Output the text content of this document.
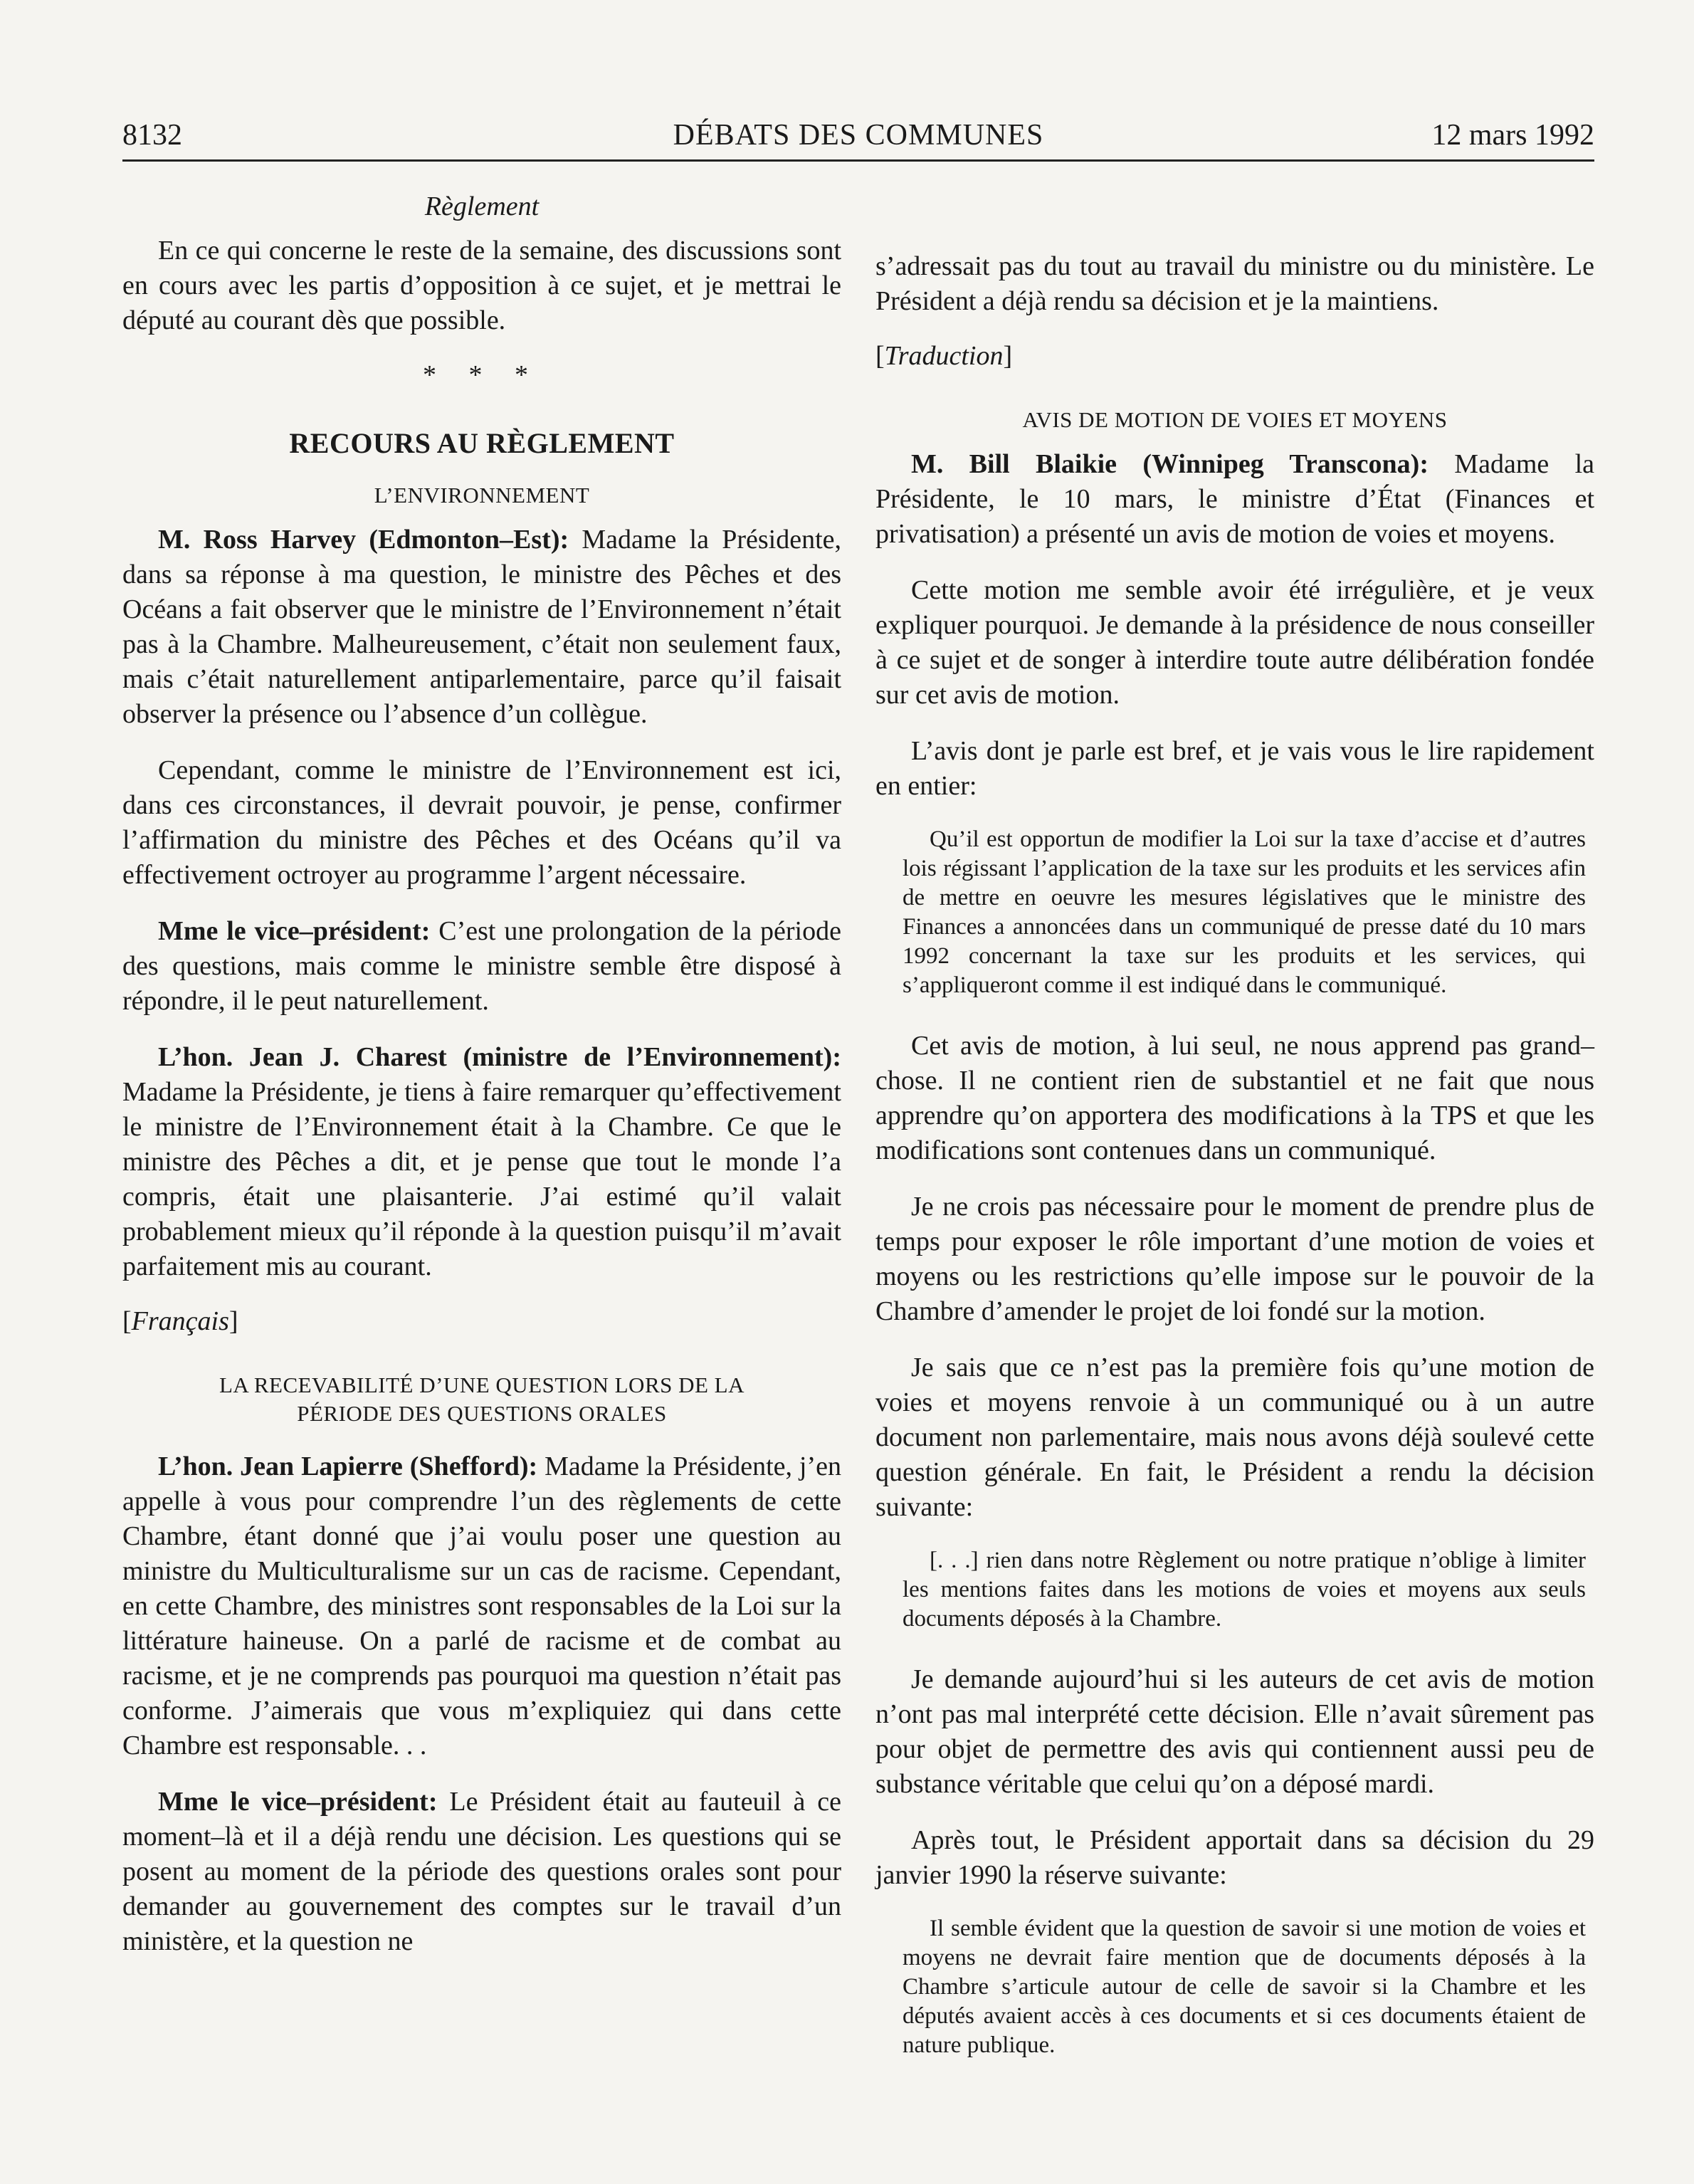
8132	DÉBATS DES COMMUNES	12 mars 1992
Règlement

En ce qui concerne le reste de la semaine, des discussions sont en cours avec les partis d’opposition à ce sujet, et je mettrai le député au courant dès que possible.

* * *
RECOURS AU RÈGLEMENT
L’ENVIRONNEMENT

M. Ross Harvey (Edmonton–Est): Madame la Présidente, dans sa réponse à ma question, le ministre des Pêches et des Océans a fait observer que le ministre de l’Environnement n’était pas à la Chambre. Malheureusement, c’était non seulement faux, mais c’était naturellement antiparlementaire, parce qu’il faisait observer la présence ou l’absence d’un collègue.

Cependant, comme le ministre de l’Environnement est ici, dans ces circonstances, il devrait pouvoir, je pense, confirmer l’affirmation du ministre des Pêches et des Océans qu’il va effectivement octroyer au programme l’argent nécessaire.

Mme le vice–président: C’est une prolongation de la période des questions, mais comme le ministre semble être disposé à répondre, il le peut naturellement.

L’hon. Jean J. Charest (ministre de l’Environnement): Madame la Présidente, je tiens à faire remarquer qu’effectivement le ministre de l’Environnement était à la Chambre. Ce que le ministre des Pêches a dit, et je pense que tout le monde l’a compris, était une plaisanterie. J’ai estimé qu’il valait probablement mieux qu’il réponde à la question puisqu’il m’avait parfaitement mis au courant.

[Français]
LA RECEVABILITÉ D’UNE QUESTION LORS DE LA
PÉRIODE DES QUESTIONS ORALES

L’hon. Jean Lapierre (Shefford): Madame la Présidente, j’en appelle à vous pour comprendre l’un des règlements de cette Chambre, étant donné que j’ai voulu poser une question au ministre du Multiculturalisme sur un cas de racisme. Cependant, en cette Chambre, des ministres sont responsables de la Loi sur la littérature haineuse. On a parlé de racisme et de combat au racisme, et je ne comprends pas pourquoi ma question n’était pas conforme. J’aimerais que vous m’expliquiez qui dans cette Chambre est responsable. . .

Mme le vice–président: Le Président était au fauteuil à ce moment–là et il a déjà rendu une décision. Les questions qui se posent au moment de la période des questions orales sont pour demander au gouvernement des comptes sur le travail d’un ministère, et la question ne

s’adressait pas du tout au travail du ministre ou du ministère. Le Président a déjà rendu sa décision et je la maintiens.

[Traduction]
AVIS DE MOTION DE VOIES ET MOYENS

M. Bill Blaikie (Winnipeg Transcona): Madame la Présidente, le 10 mars, le ministre d’État (Finances et privatisation) a présenté un avis de motion de voies et moyens.

Cette motion me semble avoir été irrégulière, et je veux expliquer pourquoi. Je demande à la présidence de nous conseiller à ce sujet et de songer à interdire toute autre délibération fondée sur cet avis de motion.

L’avis dont je parle est bref, et je vais vous le lire rapidement en entier:

Qu’il est opportun de modifier la Loi sur la taxe d’accise et d’autres lois régissant l’application de la taxe sur les produits et les services afin de mettre en oeuvre les mesures législatives que le ministre des Finances a annoncées dans un communiqué de presse daté du 10 mars 1992 concernant la taxe sur les produits et les services, qui s’appliqueront comme il est indiqué dans le communiqué.

Cet avis de motion, à lui seul, ne nous apprend pas grand–chose. Il ne contient rien de substantiel et ne fait que nous apprendre qu’on apportera des modifications à la TPS et que les modifications sont contenues dans un communiqué.

Je ne crois pas nécessaire pour le moment de prendre plus de temps pour exposer le rôle important d’une motion de voies et moyens ou les restrictions qu’elle impose sur le pouvoir de la Chambre d’amender le projet de loi fondé sur la motion.

Je sais que ce n’est pas la première fois qu’une motion de voies et moyens renvoie à un communiqué ou à un autre document non parlementaire, mais nous avons déjà soulevé cette question générale. En fait, le Président a rendu la décision suivante:

[. . .] rien dans notre Règlement ou notre pratique n’oblige à limiter les mentions faites dans les motions de voies et moyens aux seuls documents déposés à la Chambre.

Je demande aujourd’hui si les auteurs de cet avis de motion n’ont pas mal interprété cette décision. Elle n’avait sûrement pas pour objet de permettre des avis qui contiennent aussi peu de substance véritable que celui qu’on a déposé mardi.

Après tout, le Président apportait dans sa décision du 29 janvier 1990 la réserve suivante:

Il semble évident que la question de savoir si une motion de voies et moyens ne devrait faire mention que de documents déposés à la Chambre s’articule autour de celle de savoir si la Chambre et les députés avaient accès à ces documents et si ces documents étaient de nature publique.
